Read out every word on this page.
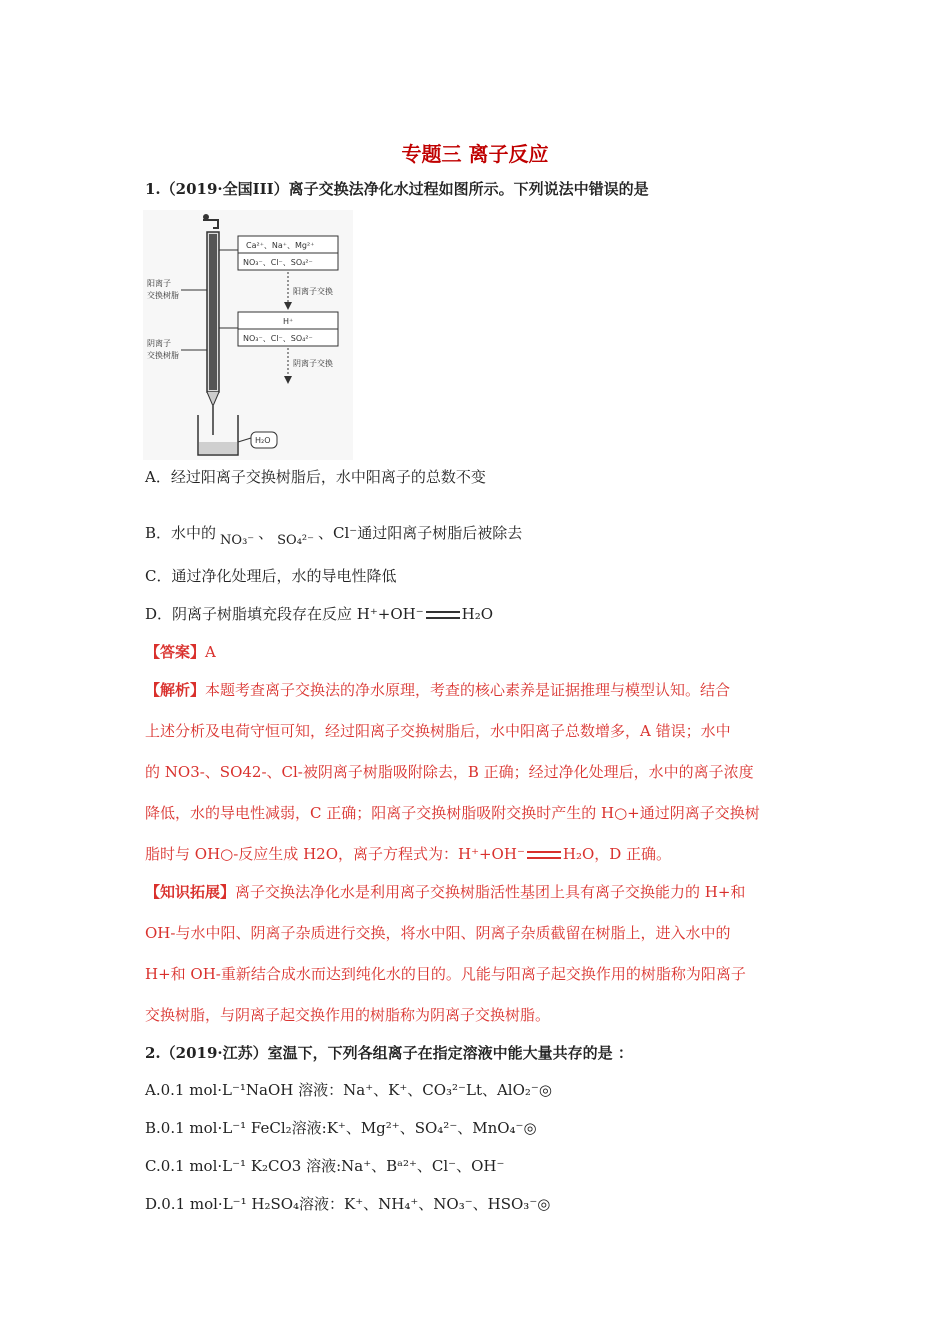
专题三 离子反应
1.（2019·全国III）离子交换法净化水过程如图所示。下列说法中错误的是
阳离子
交换树脂
阴离子
交换树脂
Ca²⁺、Na⁺、Mg²⁺
NO₃⁻、Cl⁻、SO₄²⁻
阳离子交换
H⁺
NO₃⁻、Cl⁻、SO₄²⁻
阴离子交换
H₂O
A．经过阳离子交换树脂后，水中阳离子的总数不变
B．水中的 NO₃⁻ 、 SO₄²⁻ 、Cl⁻通过阳离子树脂后被除去
C．通过净化处理后，水的导电性降低
D．阴离子树脂填充段存在反应 H⁺+OH⁻	H₂O
【答案】A
【解析】本题考查离子交换法的净水原理，考查的核心素养是证据推理与模型认知。结合
上述分析及电荷守恒可知，经过阳离子交换树脂后，水中阳离子总数增多，A 错误；水中
的 NO3-、SO42-、Cl-被阴离子树脂吸附除去，B 正确；经过净化处理后，水中的离子浓度
降低，水的导电性减弱，C 正确；阳离子交换树脂吸附交换时产生的 H○+通过阴离子交换树
脂时与 OH○-反应生成 H2O，离子方程式为：H⁺+OH⁻	H₂O，D 正确。
【知识拓展】离子交换法净化水是利用离子交换树脂活性基团上具有离子交换能力的 H+和
OH-与水中阳、阴离子杂质进行交换，将水中阳、阴离子杂质截留在树脂上，进入水中的
H+和 OH-重新结合成水而达到纯化水的目的。凡能与阳离子起交换作用的树脂称为阳离子
交换树脂，与阴离子起交换作用的树脂称为阴离子交换树脂。
2.（2019·江苏）室温下，下列各组离子在指定溶液中能大量共存的是 ：
A.0.1 mol·L⁻¹NaOH 溶液：Na⁺、K⁺、CO₃²⁻Lt、AlO₂⁻◎
B.0.1 mol·L⁻¹ FeCl₂溶液:K⁺、Mg²⁺、SO₄²⁻、MnO₄⁻◎
C.0.1 mol·L⁻¹ K₂CO3 溶液:Na⁺、Bᵃ²⁺、Cl⁻、OH⁻
D.0.1 mol·L⁻¹ H₂SO₄溶液：K⁺、NH₄⁺、NO₃⁻、HSO₃⁻◎
